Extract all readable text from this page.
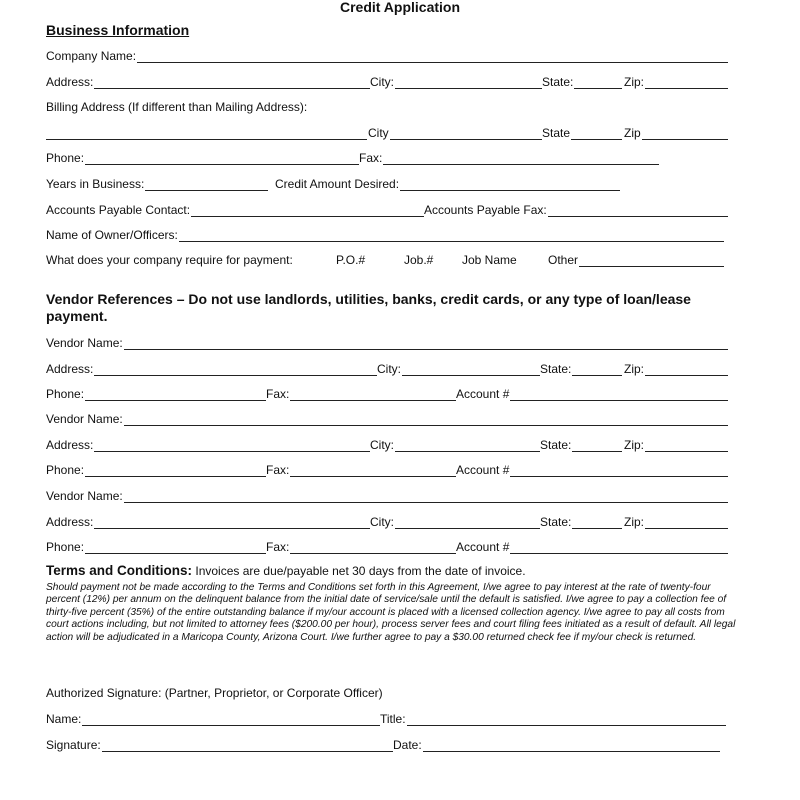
Credit Application
Business Information
Company Name:
Address:	City:	State:	Zip:
Billing Address (If different than Mailing Address):
City	State	Zip
Phone:	Fax:
Years in Business:	Credit Amount Desired:
Accounts Payable Contact:	Accounts Payable Fax:
Name of Owner/Officers:
What does your company require for payment:	P.O.#	Job.# Job Name	Other
Vendor References – Do not use landlords, utilities, banks, credit cards, or any type of loan/lease payment.
Vendor Name:
Address:	City:	State:	Zip:
Phone:	Fax:	Account #
Vendor Name:
Address:	City:	State:	Zip:
Phone:	Fax:	Account #
Vendor Name:
Address:	City:	State:	Zip:
Phone:	Fax:	Account #
Terms and Conditions: Invoices are due/payable net 30 days from the date of invoice.
Should payment not be made according to the Terms and Conditions set forth in this Agreement, I/we agree to pay interest at the rate of twenty-four percent (12%) per annum on the delinquent balance from the initial date of service/sale until the default is satisfied. I/we agree to pay a collection fee of thirty-five percent (35%) of the entire outstanding balance if my/our account is placed with a licensed collection agency. I/we agree to pay all costs from court actions including, but not limited to attorney fees ($200.00 per hour), process server fees and court filing fees initiated as a result of default. All legal action will be adjudicated in a Maricopa County, Arizona Court. I/we further agree to pay a $30.00 returned check fee if my/our check is returned.
Authorized Signature: (Partner, Proprietor, or Corporate Officer)
Name:	Title:
Signature:	Date:
